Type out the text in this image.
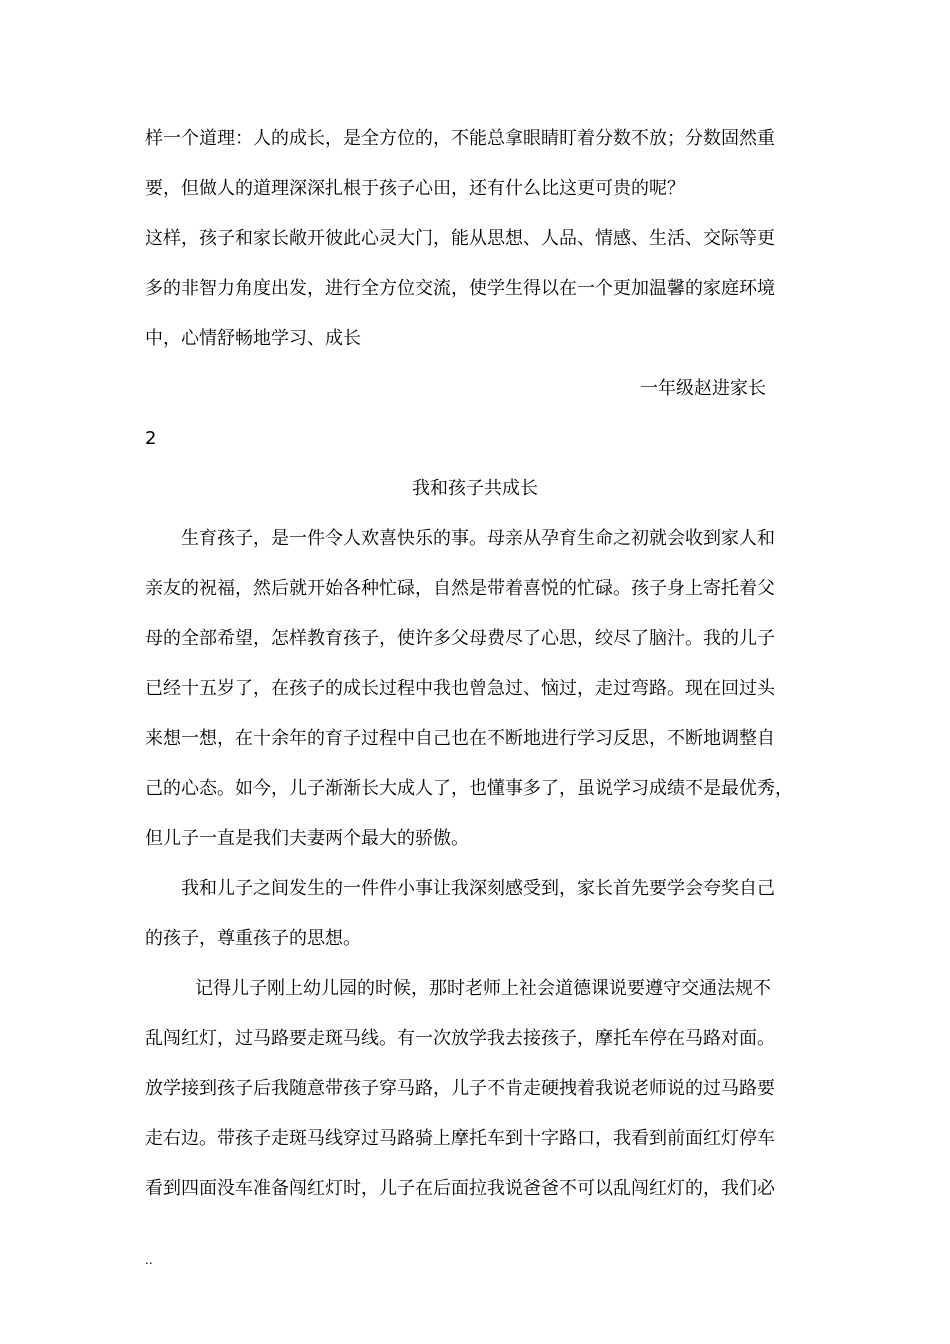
样一个道理：人的成长，是全方位的，不能总拿眼睛盯着分数不放；分数固然重
要，但做人的道理深深扎根于孩子心田，还有什么比这更可贵的呢？
这样，孩子和家长敞开彼此心灵大门，能从思想、人品、情感、生活、交际等更
多的非智力角度出发，进行全方位交流，使学生得以在一个更加温馨的家庭环境
中，心情舒畅地学习、成长
一年级赵进家长
2
我和孩子共成长
生育孩子，是一件令人欢喜快乐的事。母亲从孕育生命之初就会收到家人和
亲友的祝福，然后就开始各种忙碌，自然是带着喜悦的忙碌。孩子身上寄托着父
母的全部希望，怎样教育孩子，使许多父母费尽了心思，绞尽了脑汁。我的儿子
已经十五岁了，在孩子的成长过程中我也曾急过、恼过，走过弯路。现在回过头
来想一想，在十余年的育子过程中自己也在不断地进行学习反思，不断地调整自
己的心态。如今，儿子渐渐长大成人了，也懂事多了，虽说学习成绩不是最优秀，
但儿子一直是我们夫妻两个最大的骄傲。
我和儿子之间发生的一件件小事让我深刻感受到，家长首先要学会夸奖自己
的孩子，尊重孩子的思想。
记得儿子刚上幼儿园的时候，那时老师上社会道德课说要遵守交通法规不
乱闯红灯，过马路要走斑马线。有一次放学我去接孩子，摩托车停在马路对面。
放学接到孩子后我随意带孩子穿马路，儿子不肯走硬拽着我说老师说的过马路要
走右边。带孩子走斑马线穿过马路骑上摩托车到十字路口，我看到前面红灯停车
看到四面没车准备闯红灯时，儿子在后面拉我说爸爸不可以乱闯红灯的，我们必
..
